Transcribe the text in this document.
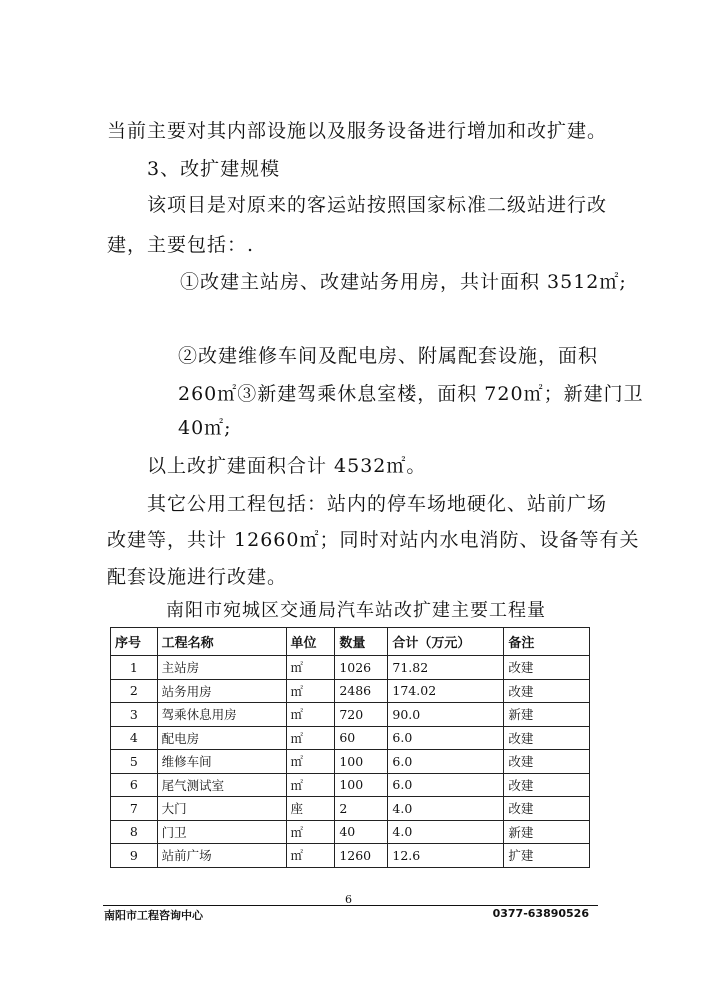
当前主要对其内部设施以及服务设备进行增加和改扩建。
3、改扩建规模
该项目是对原来的客运站按照国家标准二级站进行改
建，主要包括：.
①改建主站房、改建站务用房，共计面积 3512㎡;
②改建维修车间及配电房、附属配套设施，面积
260㎡③新建驾乘休息室楼，面积 720㎡；新建门卫
40㎡;
以上改扩建面积合计 4532㎡。
其它公用工程包括：站内的停车场地硬化、站前广场
改建等，共计 12660㎡；同时对站内水电消防、设备等有关
配套设施进行改建。
南阳市宛城区交通局汽车站改扩建主要工程量
序号	工程名称	单位	数量	合计（万元）	备注
1	主站房	㎡	1026	71.82	改建
2	站务用房	㎡	2486	174.02	改建
3	驾乘休息用房	㎡	720	90.0	新建
4	配电房	㎡	60	6.0	改建
5	维修车间	㎡	100	6.0	改建
6	尾气测试室	㎡	100	6.0	改建
7	大门	座	2	4.0	改建
8	门卫	㎡	40	4.0	新建
9	站前广场	㎡	1260	12.6	扩建
6
南阳市工程咨询中心	0377-63890526
